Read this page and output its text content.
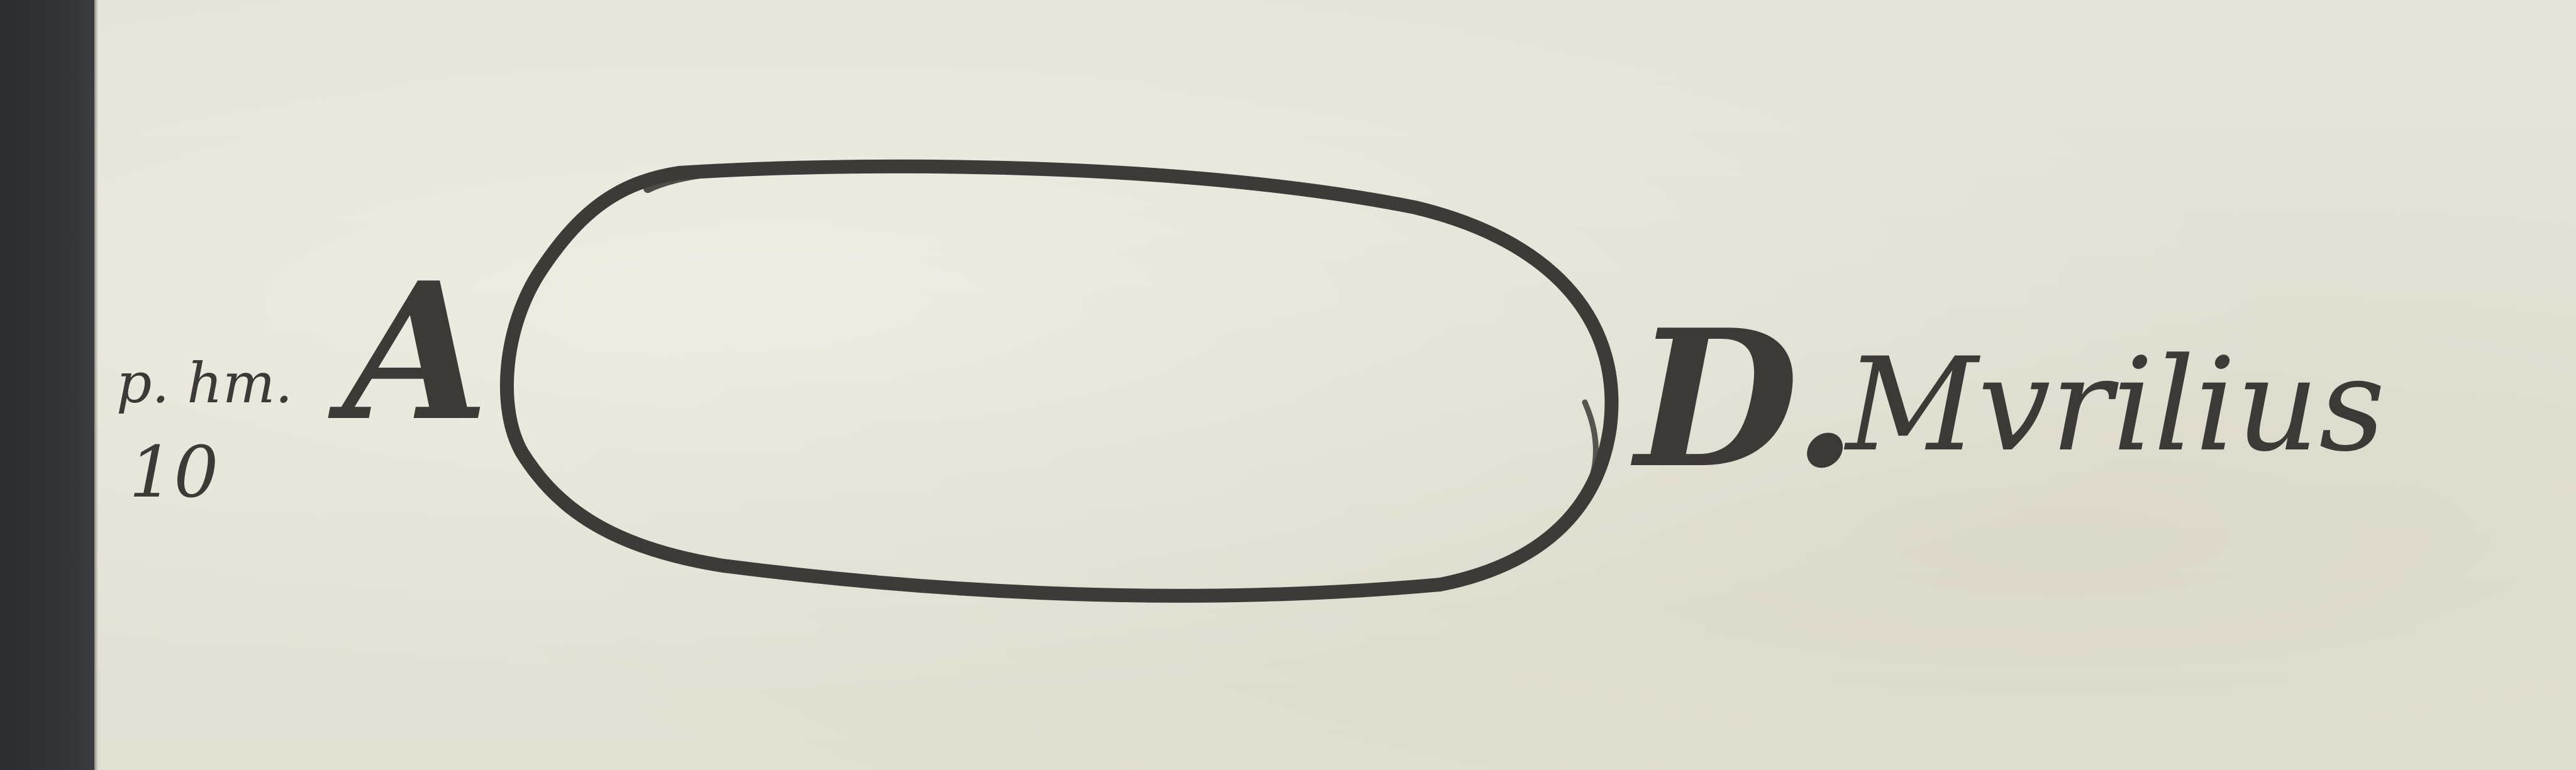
p. hm.
10
A	D.
Mvrilius
